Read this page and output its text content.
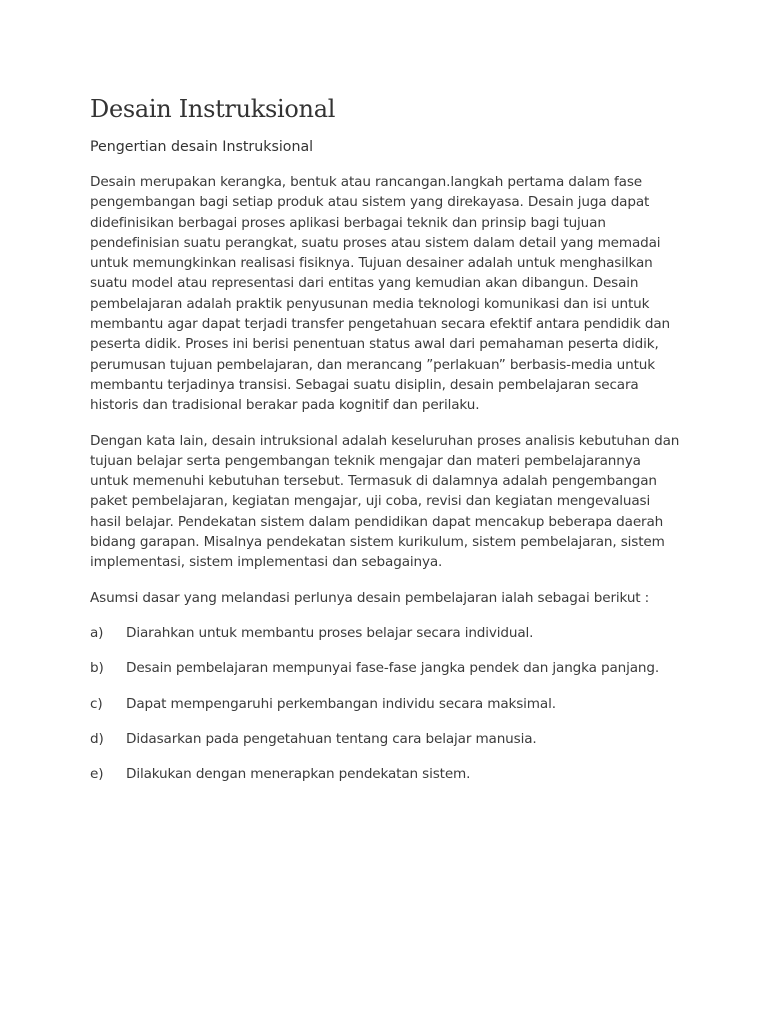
Desain Instruksional

Pengertian desain Instruksional

Desain merupakan kerangka, bentuk atau rancangan.langkah pertama dalam fase pengembangan bagi setiap produk atau sistem yang direkayasa. Desain juga dapat didefinisikan berbagai proses aplikasi berbagai teknik dan prinsip bagi tujuan pendefinisian suatu perangkat, suatu proses atau sistem dalam detail yang memadai untuk memungkinkan realisasi fisiknya. Tujuan desainer adalah untuk menghasilkan suatu model atau representasi dari entitas yang kemudian akan dibangun. Desain pembelajaran adalah praktik penyusunan media teknologi komunikasi dan isi untuk membantu agar dapat terjadi transfer pengetahuan secara efektif antara pendidik dan peserta didik. Proses ini berisi penentuan status awal dari pemahaman peserta didik, perumusan tujuan pembelajaran, dan merancang ”perlakuan” berbasis-media untuk membantu terjadinya transisi. Sebagai suatu disiplin, desain pembelajaran secara historis dan tradisional berakar pada kognitif dan perilaku.

Dengan kata lain, desain intruksional adalah keseluruhan proses analisis kebutuhan dan tujuan belajar serta pengembangan teknik mengajar dan materi pembelajarannya untuk memenuhi kebutuhan tersebut. Termasuk di dalamnya adalah pengembangan paket pembelajaran, kegiatan mengajar, uji coba, revisi dan kegiatan mengevaluasi hasil belajar. Pendekatan sistem dalam pendidikan dapat mencakup beberapa daerah bidang garapan. Misalnya pendekatan sistem kurikulum, sistem pembelajaran, sistem implementasi, sistem implementasi dan sebagainya.

Asumsi dasar yang melandasi perlunya desain pembelajaran ialah sebagai berikut :

a) Diarahkan untuk membantu proses belajar secara individual.

b) Desain pembelajaran mempunyai fase-fase jangka pendek dan jangka panjang.

c) Dapat mempengaruhi perkembangan individu secara maksimal.

d) Didasarkan pada pengetahuan tentang cara belajar manusia.

e) Dilakukan dengan menerapkan pendekatan sistem.
